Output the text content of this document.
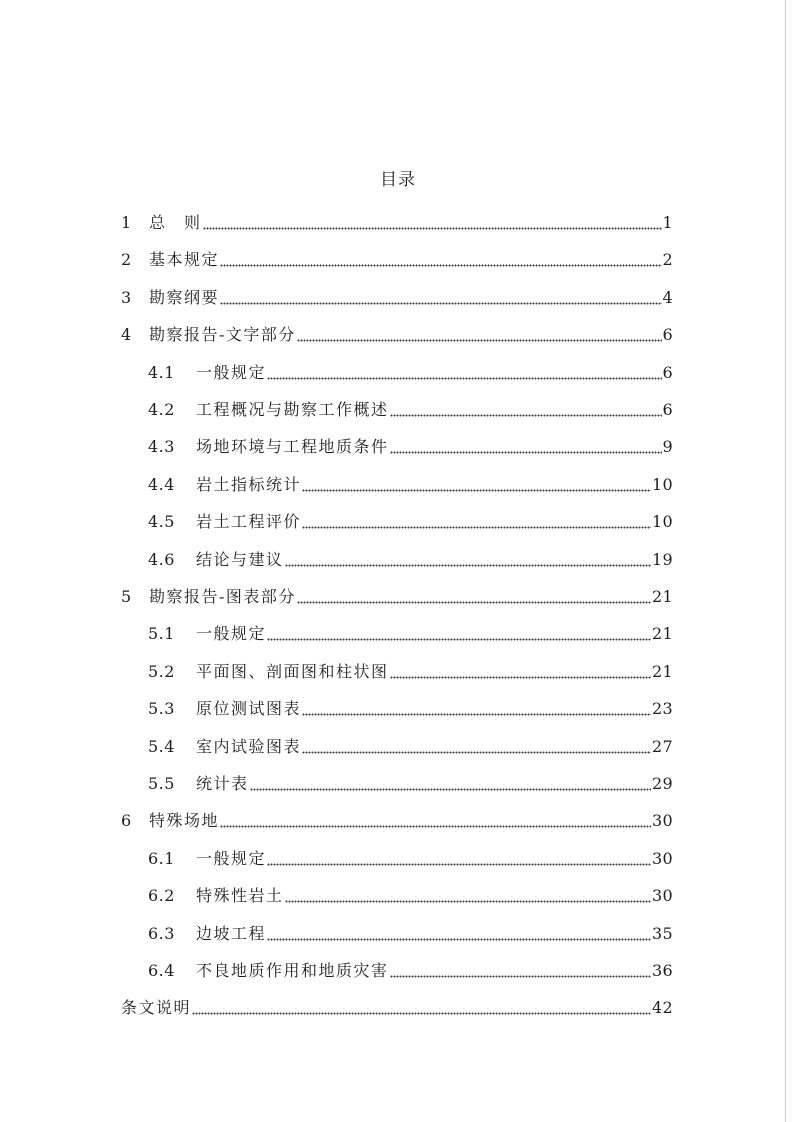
目录
1	总　则	1
2	基本规定	2
3	勘察纲要	4
4	勘察报告-文字部分	6
4.1	一般规定	6
4.2	工程概况与勘察工作概述	6
4.3	场地环境与工程地质条件	9
4.4	岩土指标统计	10
4.5	岩土工程评价	10
4.6	结论与建议	19
5	勘察报告-图表部分	21
5.1	一般规定	21
5.2	平面图、剖面图和柱状图	21
5.3	原位测试图表	23
5.4	室内试验图表	27
5.5	统计表	29
6	特殊场地	30
6.1	一般规定	30
6.2	特殊性岩土	30
6.3	边坡工程	35
6.4	不良地质作用和地质灾害	36
条文说明	42
